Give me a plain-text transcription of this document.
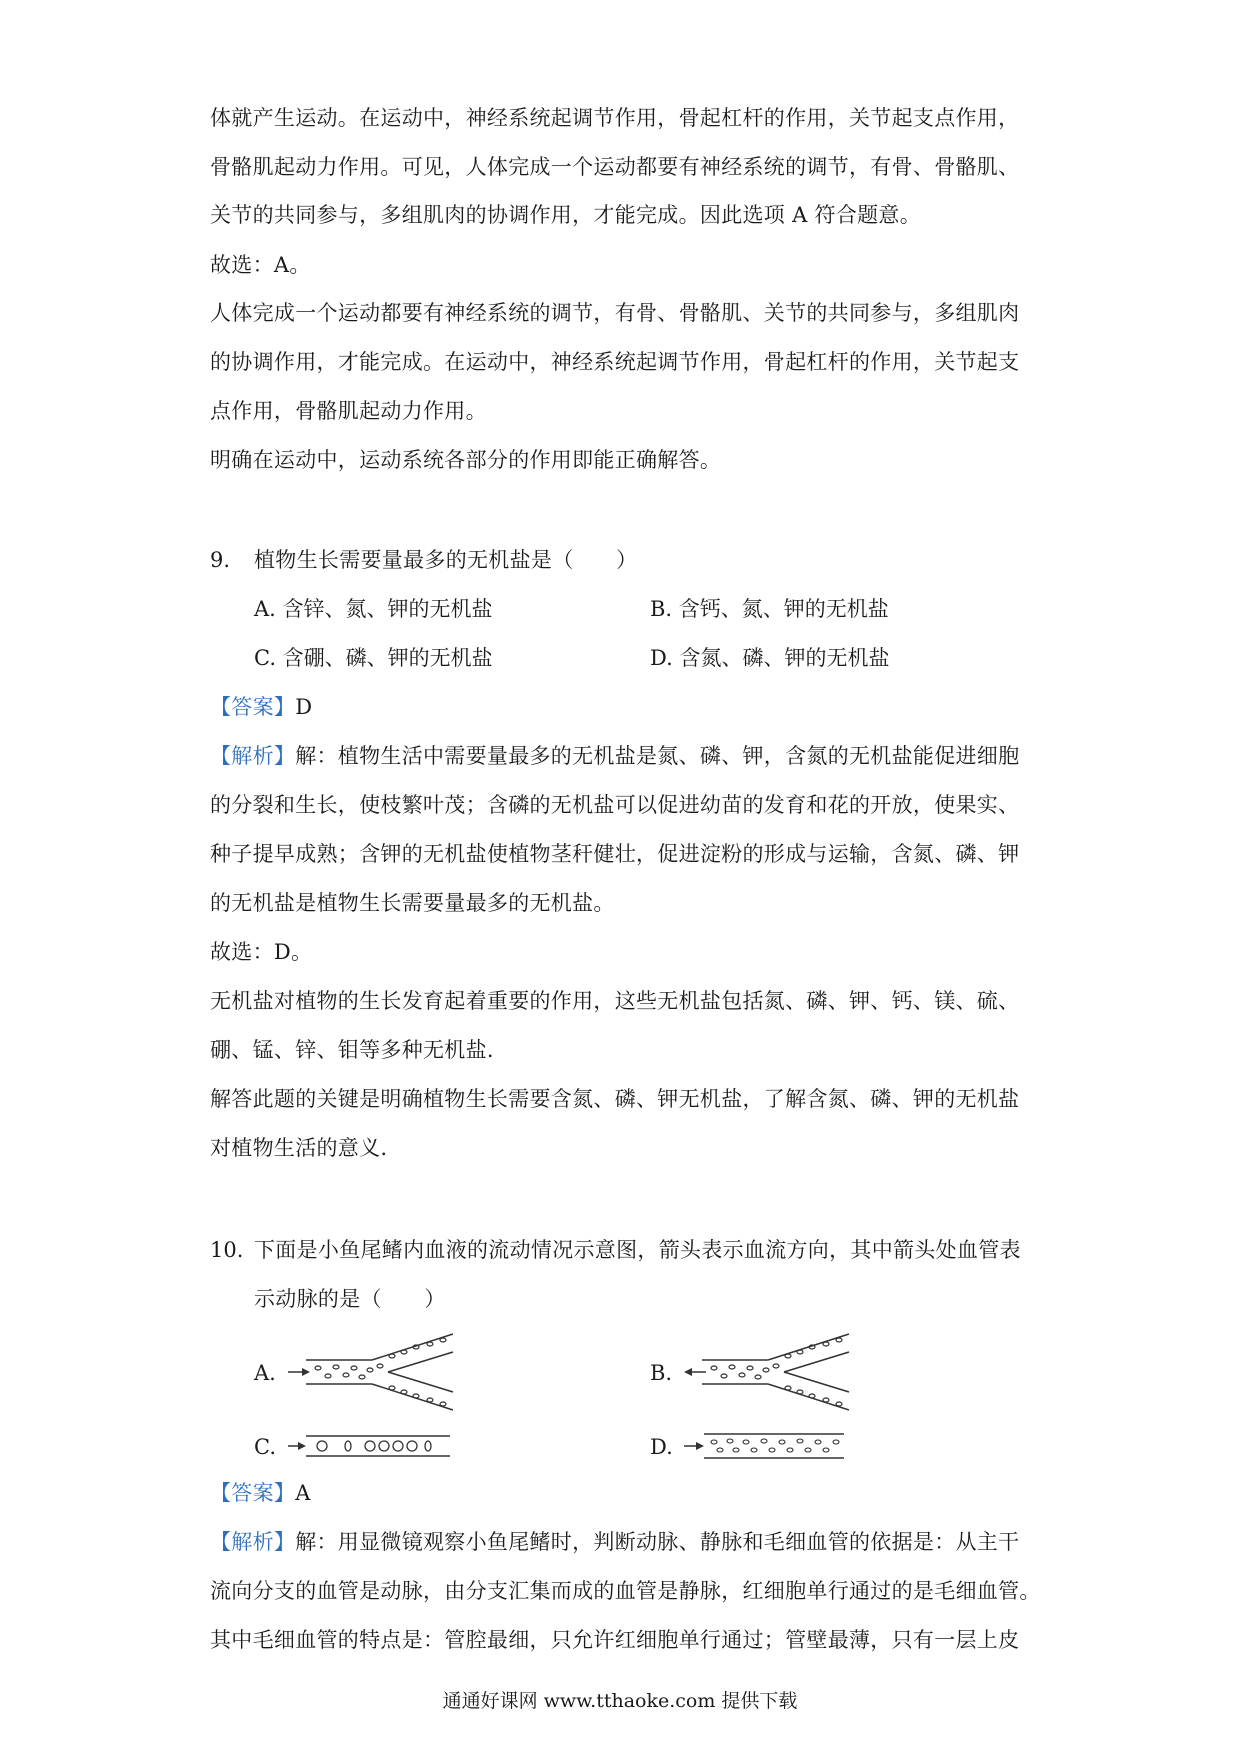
体就产生运动。在运动中，神经系统起调节作用，骨起杠杆的作用，关节起支点作用，
骨骼肌起动力作用。可见，人体完成一个运动都要有神经系统的调节，有骨、骨骼肌、
关节的共同参与，多组肌肉的协调作用，才能完成。因此选项 A 符合题意。
故选：A。
人体完成一个运动都要有神经系统的调节，有骨、骨骼肌、关节的共同参与，多组肌肉
的协调作用，才能完成。在运动中，神经系统起调节作用，骨起杠杆的作用，关节起支
点作用，骨骼肌起动力作用。
明确在运动中，运动系统各部分的作用即能正确解答。
9. 植物生长需要量最多的无机盐是（　　）
A. 含锌、氮、钾的无机盐	B. 含钙、氮、钾的无机盐
C. 含硼、磷、钾的无机盐	D. 含氮、磷、钾的无机盐
【答案】D
【解析】解：植物生活中需要量最多的无机盐是氮、磷、钾，含氮的无机盐能促进细胞
的分裂和生长，使枝繁叶茂；含磷的无机盐可以促进幼苗的发育和花的开放，使果实、
种子提早成熟；含钾的无机盐使植物茎秆健壮，促进淀粉的形成与运输，含氮、磷、钾
的无机盐是植物生长需要量最多的无机盐。
故选：D。
无机盐对植物的生长发育起着重要的作用，这些无机盐包括氮、磷、钾、钙、镁、硫、
硼、锰、锌、钼等多种无机盐.
解答此题的关键是明确植物生长需要含氮、磷、钾无机盐，了解含氮、磷、钾的无机盐
对植物生活的意义.
10. 下面是小鱼尾鳍内血液的流动情况示意图，箭头表示血流方向，其中箭头处血管表
示动脉的是（　　）
A.	B.
C.	D.
【答案】A
【解析】解：用显微镜观察小鱼尾鳍时，判断动脉、静脉和毛细血管的依据是：从主干
流向分支的血管是动脉，由分支汇集而成的血管是静脉，红细胞单行通过的是毛细血管。
其中毛细血管的特点是：管腔最细，只允许红细胞单行通过；管壁最薄，只有一层上皮
通通好课网 www.tthaoke.com 提供下载
